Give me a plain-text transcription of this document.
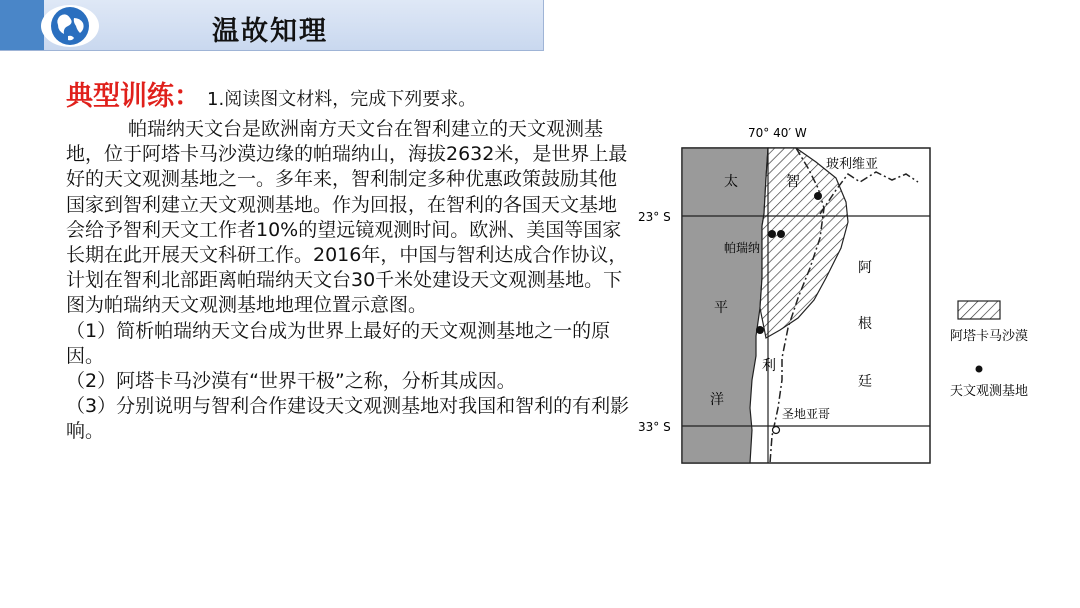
温故知理

典型训练： 1.阅读图文材料，完成下列要求。

帕瑞纳天文台是欧洲南方天文台在智利建立的天文观测基地，位于阿塔卡马沙漠边缘的帕瑞纳山，海拔2632米，是世界上最好的天文观测基地之一。多年来，智利制定多种优惠政策鼓励其他国家到智利建立天文观测基地。作为回报，在智利的各国天文基地会给予智利天文工作者10%的望远镜观测时间。欧洲、美国等国家长期在此开展天文科研工作。2016年，中国与智利达成合作协议，计划在智利北部距离帕瑞纳天文台30千米处建设天文观测基地。下图为帕瑞纳天文观测基地地理位置示意图。

（1）简析帕瑞纳天文台成为世界上最好的天文观测基地之一的原因。

（2）阿塔卡马沙漠有“世界干极”之称，分析其成因。

（3）分别说明与智利合作建设天文观测基地对我国和智利的有利影响。

70° 40′ W
23° S
33° S
太
平
洋
智
利
阿
根
廷
玻利维亚
帕瑞纳
圣地亚哥
阿塔卡马沙漠
天文观测基地
